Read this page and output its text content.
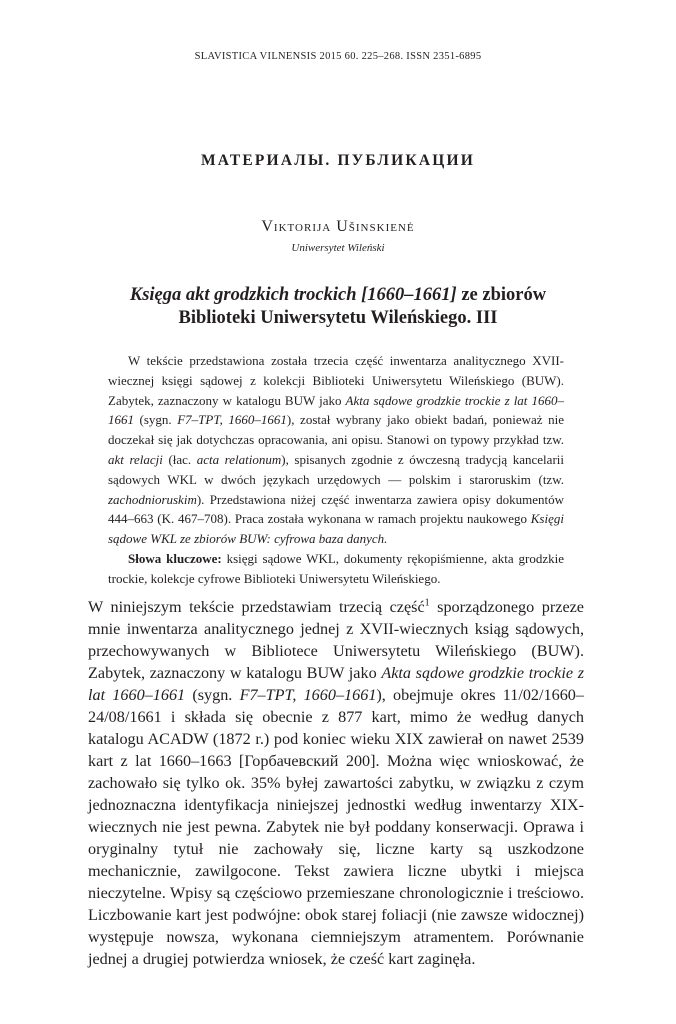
SLAVISTICA VILNENSIS 2015 60. 225–268. ISSN 2351-6895
МАТЕРИАЛЫ. ПУБЛИКАЦИИ
Viktorija Ušinskienė
Uniwersytet Wileński
Księga akt grodzkich trockich [1660–1661] ze zbiorów
Biblioteki Uniwersytetu Wileńskiego. III

W tekście przedstawiona została trzecia część inwentarza analitycznego XVII-wiecznej księgi sądowej z kolekcji Biblioteki Uniwersytetu Wileńskiego (BUW). Zabytek, zaznaczony w katalogu BUW jako Akta sądowe grodzkie trockie z lat 1660–1661 (sygn. F7–TPT, 1660–1661), został wybrany jako obiekt badań, ponieważ nie doczekał się jak dotychczas opracowania, ani opisu. Stanowi on typowy przykład tzw. akt relacji (łac. acta relationum), spisanych zgodnie z ówczesną tradycją kancelarii sądowych WKL w dwóch językach urzędowych — polskim i staroruskim (tzw. zachodnioruskim). Przedstawiona niżej część inwentarza zawiera opisy dokumentów 444–663 (K. 467–708). Praca została wykonana w ramach projektu naukowego Księgi sądowe WKL ze zbiorów BUW: cyfrowa baza danych.

Słowa kluczowe: księgi sądowe WKL, dokumenty rękopiśmienne, akta grodzkie trockie, kolekcje cyfrowe Biblioteki Uniwersytetu Wileńskiego.

W niniejszym tekście przedstawiam trzecią część$^1$ sporządzonego przeze mnie inwentarza analitycznego jednej z XVII-wiecznych ksiąg sądowych, przechowywanych w Bibliotece Uniwersytetu Wileńskiego (BUW). Zabytek, zaznaczony w katalogu BUW jako Akta sądowe grodzkie trockie z lat 1660–1661 (sygn. F7–TPT, 1660–1661), obejmuje okres 11/02/1660–24/08/1661 i składa się obecnie z 877 kart, mimo że według danych katalogu ACADW (1872 r.) pod koniec wieku XIX zawierał on nawet 2539 kart z lat 1660–1663 [Горбачевский 200]. Można więc wnioskować, że zachowało się tylko ok. 35% byłej zawartości zabytku, w związku z czym jednoznaczna identyfikacja niniejszej jednostki według inwentarzy XIX-wiecznych nie jest pewna. Zabytek nie był poddany konserwacji. Oprawa i oryginalny tytuł nie zachowały się, liczne karty są uszkodzone mechanicznie, zawilgocone. Tekst zawiera liczne ubytki i miejsca nieczytelne. Wpisy są częściowo przemieszane chronologicznie i treściowo. Liczbowanie kart jest podwójne: obok starej foliacji (nie zawsze widocznej) występuje nowsza, wykonana ciemniejszym atramentem. Porównanie jednej a drugiej potwierdza wniosek, że cześć kart zaginęła.
